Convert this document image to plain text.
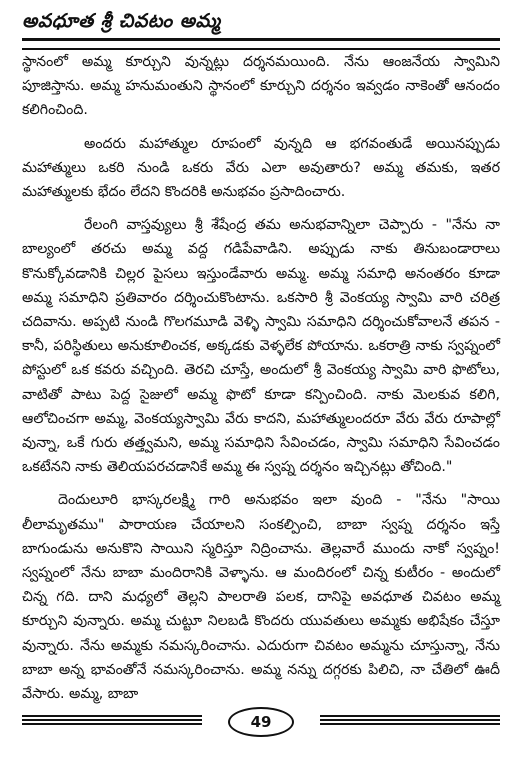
అవధూత శ్రీ చివటం అమ్మ

స్థానంలో అమ్మ కూర్చుని వున్నట్లు దర్శనమయింది. నేను ఆంజనేయ స్వామిని పూజిస్తాను. అమ్మ హనుమంతుని స్థానంలో కూర్చుని దర్శనం ఇవ్వడం నాకెంతో ఆనందం కలిగించింది.

అందరు మహాత్ముల రూపంలో వున్నది ఆ భగవంతుడే అయినప్పుడు మహాత్ములు ఒకరి నుండి ఒకరు వేరు ఎలా అవుతారు? అమ్మ తమకు, ఇతర మహాత్ములకు భేదం లేదని కొందరికి అనుభవం ప్రసాదించారు.

రేలంగి వాస్తవ్యులు శ్రీ శేషేంద్ర తమ అనుభవాన్నిలా చెప్పారు - "నేను నా బాల్యంలో తరచు అమ్మ వద్ద గడిపేవాడిని. అప్పుడు నాకు తినుబండారాలు కొనుక్కోవడానికి చిల్లర పైసలు ఇస్తుండేవారు అమ్మ. అమ్మ సమాధి అనంతరం కూడా అమ్మ సమాధిని ప్రతివారం దర్శించుకొంటాను. ఒకసారి శ్రీ వెంకయ్య స్వామి వారి చరిత్ర చదివాను. అప్పటి నుండి గొలగమూడి వెళ్ళి స్వామి సమాధిని దర్శించుకోవాలనే తపన - కానీ, పరిస్థితులు అనుకూలించక, అక్కడకు వెళ్ళలేక పోయాను. ఒకరాత్రి నాకు స్వప్నంలో పోస్టులో ఒక కవరు వచ్చింది. తెరచి చూస్తే, అందులో శ్రీ వెంకయ్య స్వామి వారి ఫొటోలు, వాటితో పాటు పెద్ద సైజులో అమ్మ ఫొటో కూడా కన్పించింది. నాకు మెలకువ కలిగి, ఆలోచించగా అమ్మ, వెంకయ్యస్వామి వేరు కాదని, మహాత్ములందరూ వేరు వేరు రూపాల్లో వున్నా, ఒకే గురు తత్త్వమని, అమ్మ సమాధిని సేవించడం, స్వామి సమాధిని సేవించడం ఒకటేనని నాకు తెలియపరచడానికే అమ్మ ఈ స్వప్న దర్శనం ఇచ్చినట్లు తోచింది."

దెందులూరి భాస్కరలక్ష్మి గారి అనుభవం ఇలా వుంది - "నేను "సాయి లీలామృతము" పారాయణ చేయాలని సంకల్పించి, బాబా స్వప్న దర్శనం ఇస్తే బాగుండును అనుకొని సాయిని స్మరిస్తూ నిద్రించాను. తెల్లవారే ముందు నాకో స్వప్నం! స్వప్నంలో నేను బాబా మందిరానికి వెళ్ళాను. ఆ మందిరంలో చిన్న కుటీరం - అందులో చిన్న గది. దాని మధ్యలో తెల్లని పాలరాతి పలక, దానిపై అవధూత చివటం అమ్మ కూర్చుని వున్నారు. అమ్మ చుట్టూ నిలబడి కొందరు యువతులు అమ్మకు అభిషేకం చేస్తూ వున్నారు. నేను అమ్మకు నమస్కరించాను. ఎదురుగా చివటం అమ్మను చూస్తున్నా, నేను బాబా అన్న భావంతోనే నమస్కరించాను. అమ్మ నన్ను దగ్గరకు పిలిచి, నా చేతిలో ఊదీ వేసారు. అమ్మ, బాబా

49
